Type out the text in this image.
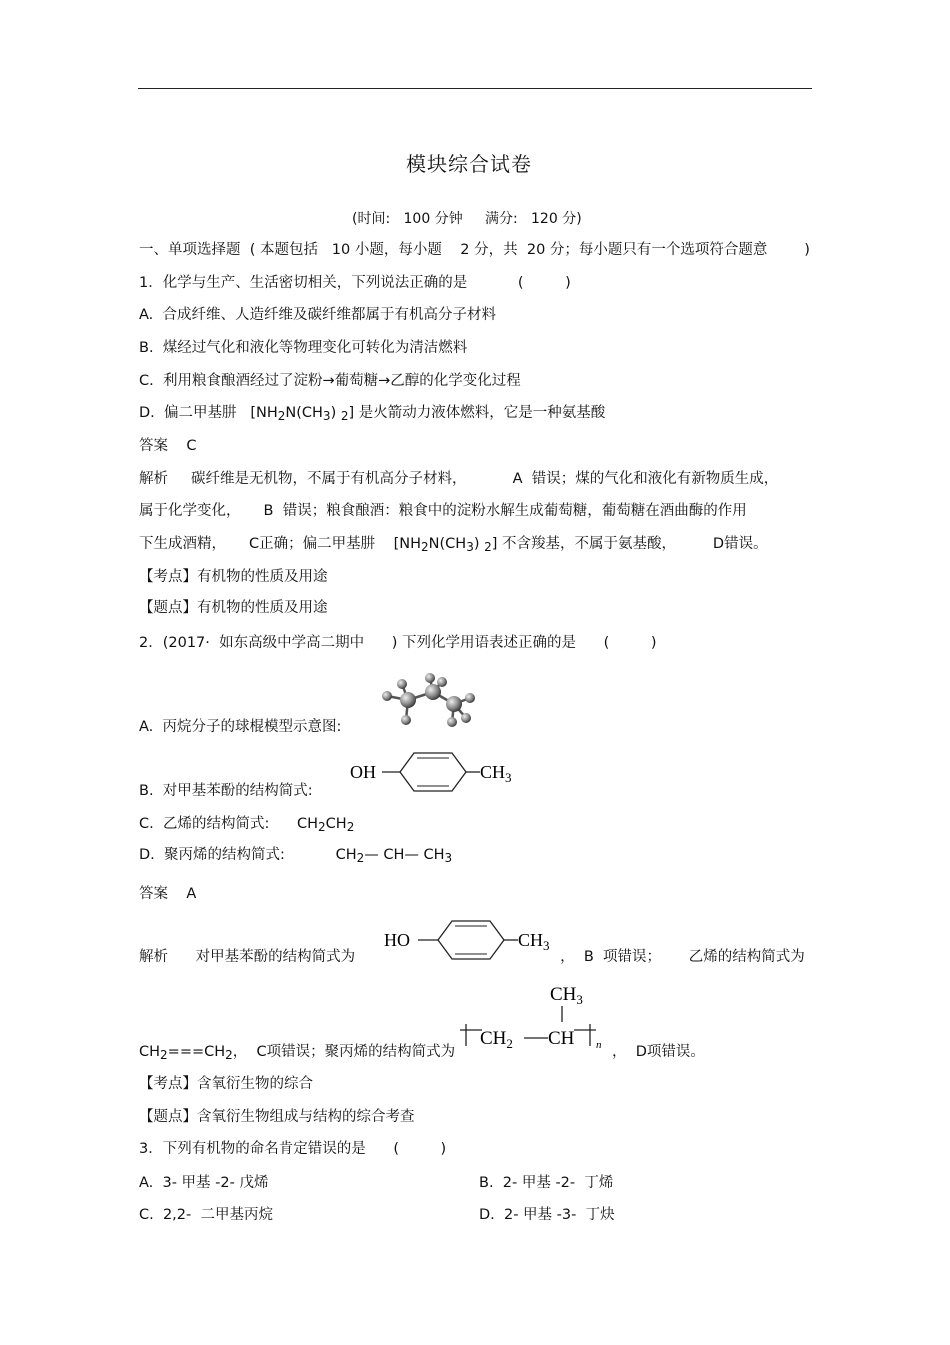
模块综合试卷
(时间:   100 分钟     满分:   120 分)
一、单项选择题  ( 本题包括   10 小题，每小题    2 分，共  20 分；每小题只有一个选项符合题意        )
1．化学与生产、生活密切相关，下列说法正确的是           (         )
A.  合成纤维、人造纤维及碳纤维都属于有机高分子材料
B.  煤经过气化和液化等物理变化可转化为清洁燃料
C.  利用粮食酿酒经过了淀粉→葡萄糖→乙醇的化学变化过程
D.  偏二甲基肼   [$NH_2N(CH_3)$ $_2$] 是火箭动力液体燃料，它是一种氨基酸
答案    C
解析     碳纤维是无机物，不属于有机高分子材料，          A  错误；煤的气化和液化有新物质生成，
属于化学变化，     B  错误；粮食酿酒：粮食中的淀粉水解生成葡萄糖，葡萄糖在酒曲酶的作用
下生成酒精，     C正确；偏二甲基肼    [$NH_2N(CH_3)$ $_2$] 不含羧基，不属于氨基酸，        D错误。
【考点】有机物的性质及用途
【题点】有机物的性质及用途
2．(2017·  如东高级中学高二期中      ) 下列化学用语表述正确的是      (         )
A.  丙烷分子的球棍模型示意图:
OH	$CH_3$
B.  对甲基苯酚的结构简式:
C.  乙烯的结构简式:      $CH_2CH_2$
D.  聚丙烯的结构简式:           $CH_2—$ CH— $CH_3$
答案    A
HO	$CH_3$
解析      对甲基苯酚的结构简式为	，  B  项错误；      乙烯的结构简式为
$CH_3$
$CH_2$ CH n
$CH_2===CH_2$，  C项错误；聚丙烯的结构简式为	，  D项错误。
【考点】含氧衍生物的综合
【题点】含氧衍生物组成与结构的综合考查
3．下列有机物的命名肯定错误的是      (         )
A.  3- 甲基 -2- 戊烯	B.  2- 甲基 -2-  丁烯
C.  2,2-  二甲基丙烷	D.  2- 甲基 -3-  丁炔
